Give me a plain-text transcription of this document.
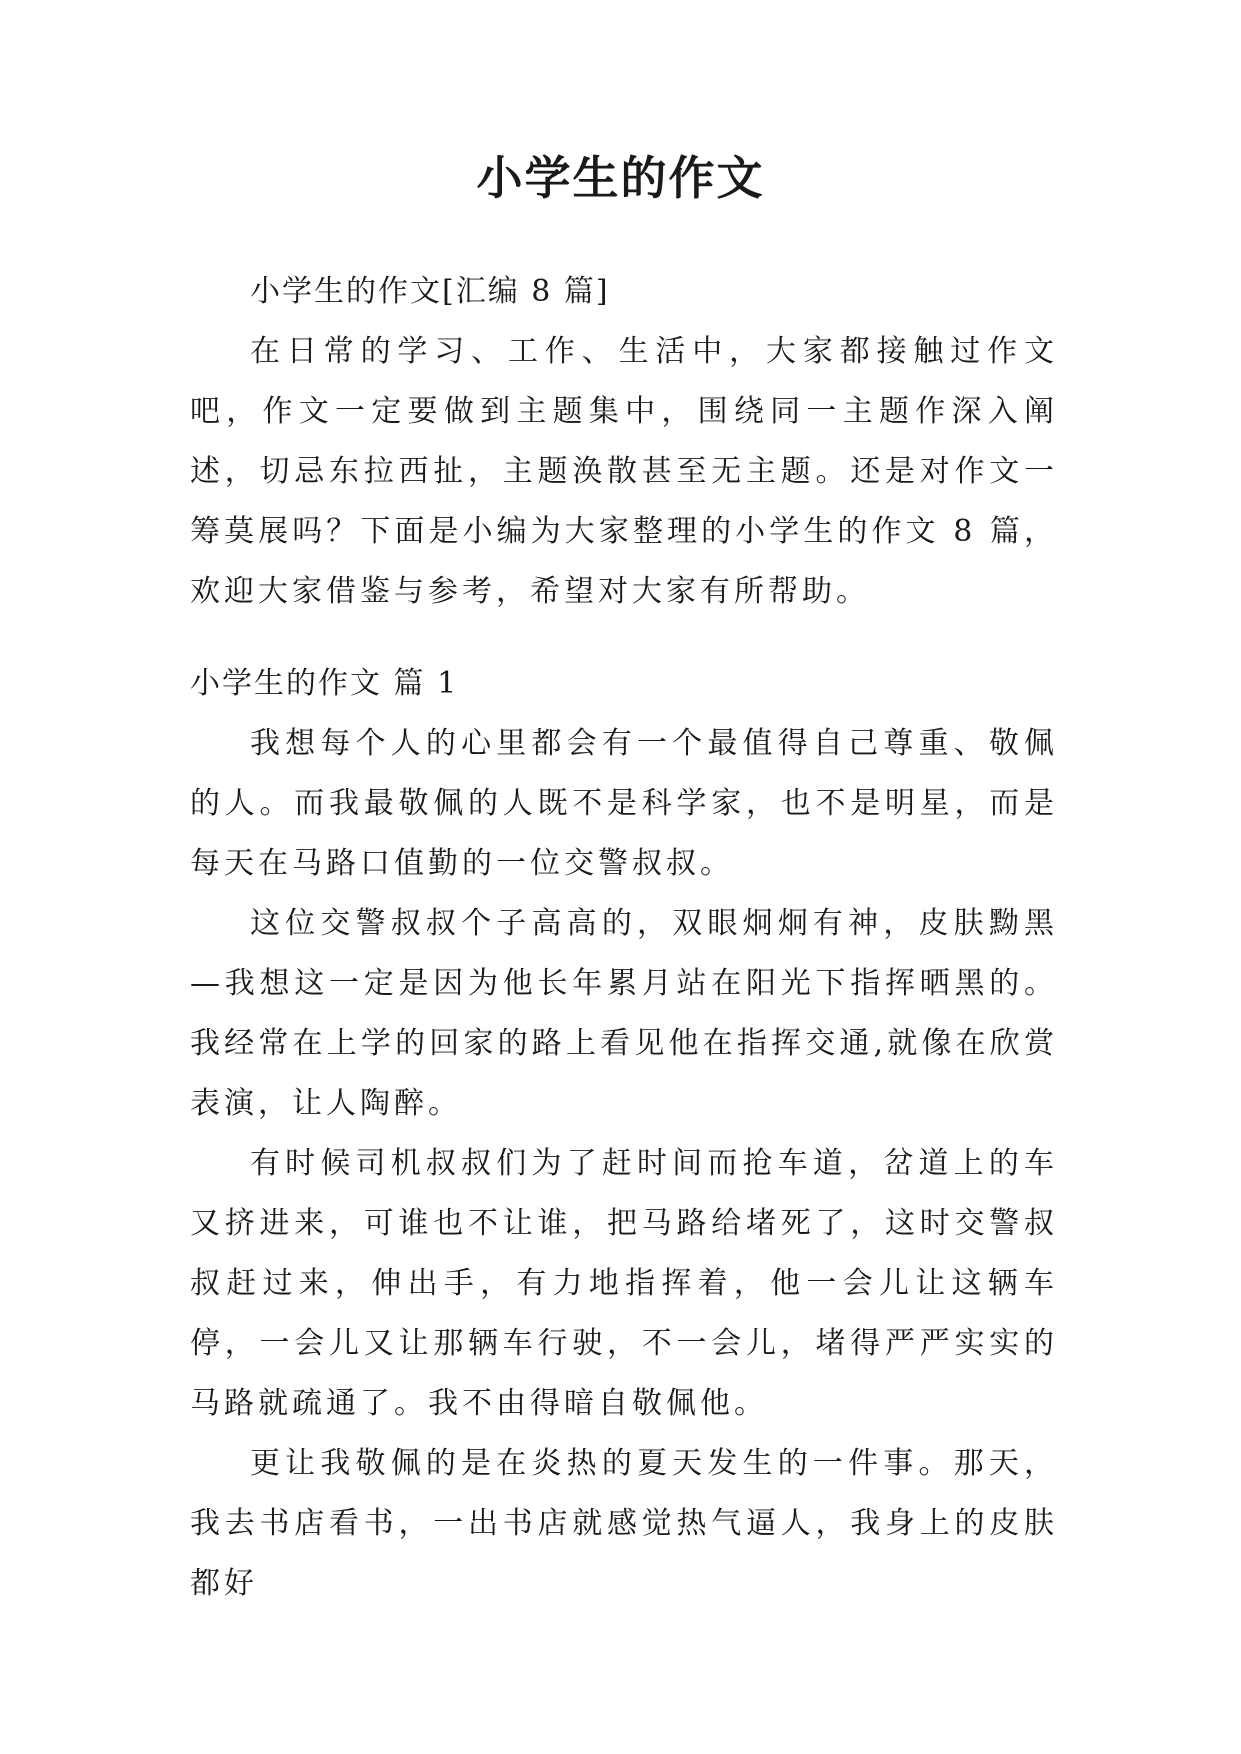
小学生的作文

小学生的作文[汇编 8 篇]

在日常的学习、工作、生活中，大家都接触过作文吧，作文一定要做到主题集中，围绕同一主题作深入阐述，切忌东拉西扯，主题涣散甚至无主题。还是对作文一筹莫展吗？下面是小编为大家整理的小学生的作文 8 篇，欢迎大家借鉴与参考，希望对大家有所帮助。

小学生的作文 篇 1

我想每个人的心里都会有一个最值得自己尊重、敬佩的人。而我最敬佩的人既不是科学家，也不是明星，而是每天在马路口值勤的一位交警叔叔。

这位交警叔叔个子高高的，双眼炯炯有神，皮肤黝黑—我想这一定是因为他长年累月站在阳光下指挥晒黑的。我经常在上学的回家的路上看见他在指挥交通,就像在欣赏表演，让人陶醉。

有时候司机叔叔们为了赶时间而抢车道，岔道上的车又挤进来，可谁也不让谁，把马路给堵死了，这时交警叔叔赶过来，伸出手，有力地指挥着，他一会儿让这辆车停，一会儿又让那辆车行驶，不一会儿，堵得严严实实的马路就疏通了。我不由得暗自敬佩他。

更让我敬佩的是在炎热的夏天发生的一件事。那天，我去书店看书，一出书店就感觉热气逼人，我身上的皮肤都好
